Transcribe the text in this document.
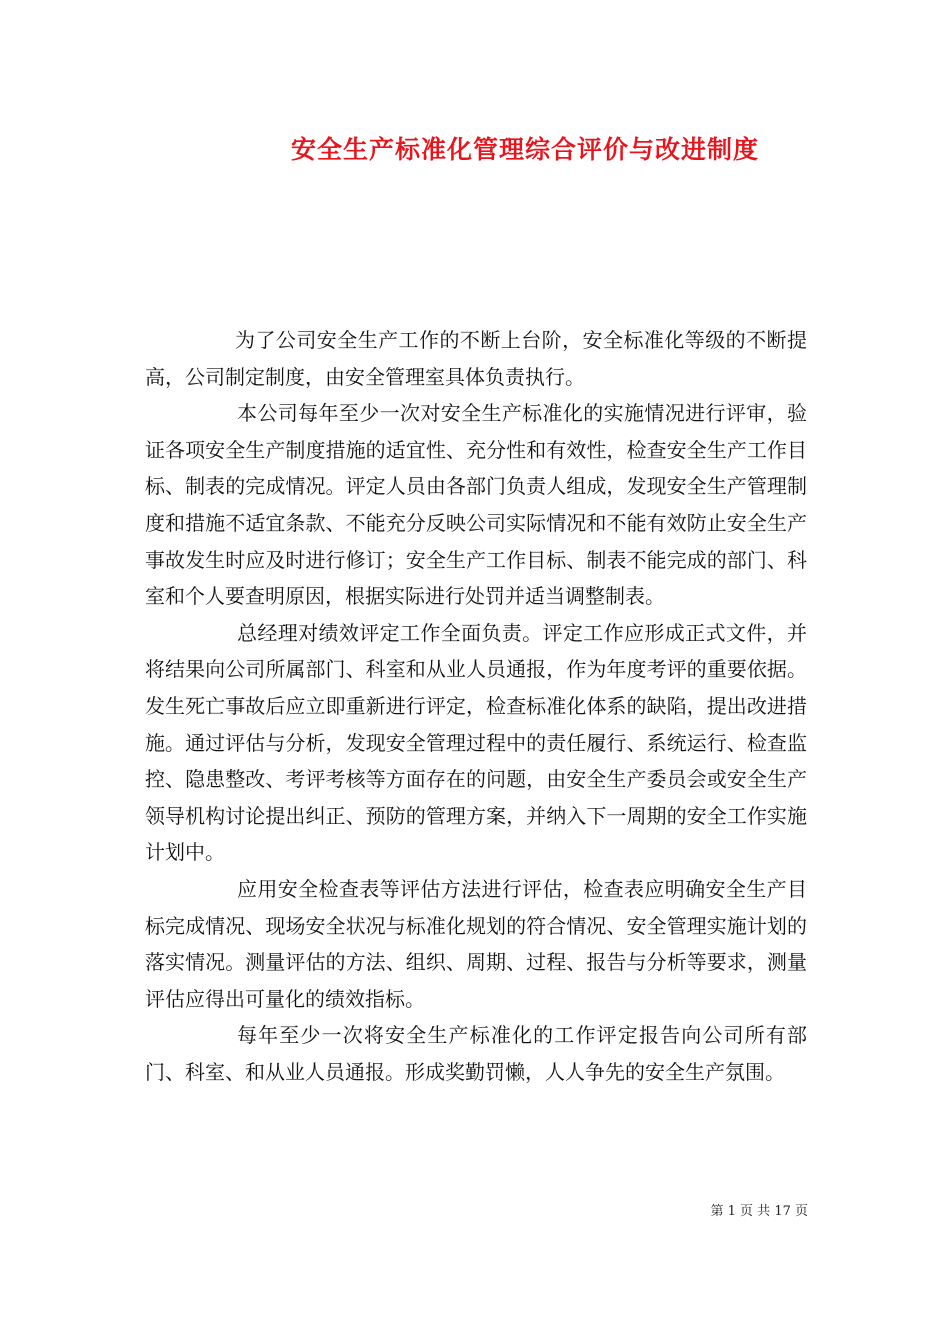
安全生产标准化管理综合评价与改进制度

为了公司安全生产工作的不断上台阶，安全标准化等级的不断提高，公司制定制度，由安全管理室具体负责执行。

本公司每年至少一次对安全生产标准化的实施情况进行评审，验证各项安全生产制度措施的适宜性、充分性和有效性，检查安全生产工作目标、制表的完成情况。评定人员由各部门负责人组成，发现安全生产管理制度和措施不适宜条款、不能充分反映公司实际情况和不能有效防止安全生产事故发生时应及时进行修订；安全生产工作目标、制表不能完成的部门、科室和个人要查明原因，根据实际进行处罚并适当调整制表。

总经理对绩效评定工作全面负责。评定工作应形成正式文件，并将结果向公司所属部门、科室和从业人员通报，作为年度考评的重要依据。发生死亡事故后应立即重新进行评定，检查标准化体系的缺陷，提出改进措施。通过评估与分析，发现安全管理过程中的责任履行、系统运行、检查监控、隐患整改、考评考核等方面存在的问题，由安全生产委员会或安全生产领导机构讨论提出纠正、预防的管理方案，并纳入下一周期的安全工作实施计划中。

应用安全检查表等评估方法进行评估，检查表应明确安全生产目标完成情况、现场安全状况与标准化规划的符合情况、安全管理实施计划的落实情况。测量评估的方法、组织、周期、过程、报告与分析等要求，测量评估应得出可量化的绩效指标。

每年至少一次将安全生产标准化的工作评定报告向公司所有部门、科室、和从业人员通报。形成奖勤罚懒，人人争先的安全生产氛围。

第 1 页 共 17 页
